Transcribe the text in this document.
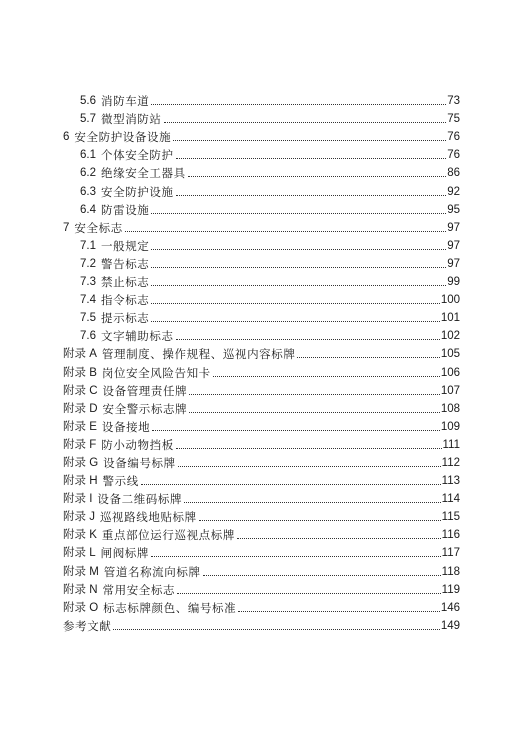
5.6 消防车道	73
5.7 微型消防站	75
6 安全防护设备设施	76
6.1 个体安全防护	76
6.2 绝缘安全工器具	86
6.3 安全防护设施	92
6.4 防雷设施	95
7 安全标志	97
7.1 一般规定	97
7.2 警告标志	97
7.3 禁止标志	99
7.4 指令标志	100
7.5 提示标志	101
7.6 文字辅助标志	102
附录 A 管理制度、操作规程、巡视内容标牌	105
附录 B 岗位安全风险告知卡	106
附录 C 设备管理责任牌	107
附录 D 安全警示标志牌	108
附录 E 设备接地	109
附录 F 防小动物挡板	111
附录 G 设备编号标牌	112
附录 H 警示线	113
附录 I 设备二维码标牌	114
附录 J 巡视路线地贴标牌	115
附录 K 重点部位运行巡视点标牌	116
附录 L 闸阀标牌	117
附录 M 管道名称流向标牌	118
附录 N 常用安全标志	119
附录 O 标志标牌颜色、编号标准	146
参考文献	149
